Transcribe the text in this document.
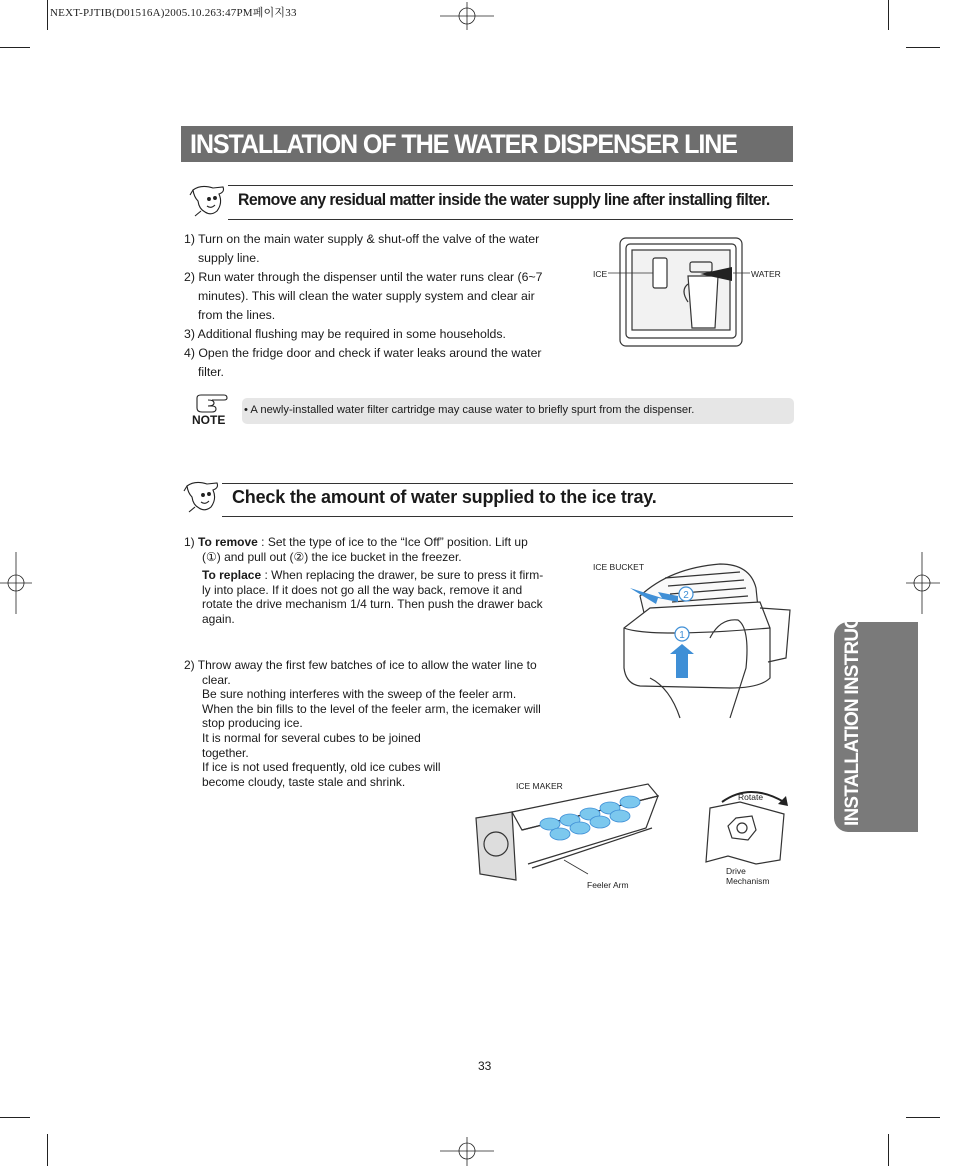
NEXT-PJTIB(D01516A)2005.10.263:47PM페이지33
INSTALLATION OF THE WATER DISPENSER LINE
Remove any residual matter inside the water supply line after installing filter.

1) Turn on the main water supply & shut-off the valve of the water supply line.

2) Run water through the dispenser until the water runs clear (6~7 minutes). This will clean the water supply system and clear air from the lines.

3) Additional flushing may be required in some households.

4) Open the fridge door and check if water leaks around the water filter.

ICE	WATER
NOTE
• A newly-installed water filter cartridge may cause water to briefly spurt from the dispenser.
Check the amount of water supplied to the ice tray.

1) To remove : Set the type of ice to the “Ice Off” position. Lift up

(①) and pull out (②) the ice bucket in the freezer.

To replace : When replacing the drawer, be sure to press it firm-

ly into place. If it does not go all the way back, remove it and

rotate the drive mechanism 1/4 turn. Then push the drawer back

again.

2) Throw away the first few batches of ice to allow the water line to

clear.

Be sure nothing interferes with the sweep of the feeler arm.

When the bin fills to the level of the feeler arm, the icemaker will

stop producing ice.

It is normal for several cubes to be joined

together.

If ice is not used frequently, old ice cubes will

become cloudy, taste stale and shrink.

2
1
ICE BUCKET
ICE MAKER
Feeler Arm
Rotate
Drive
Mechanism
INSTALLATION INSTRUCTIONS
33
